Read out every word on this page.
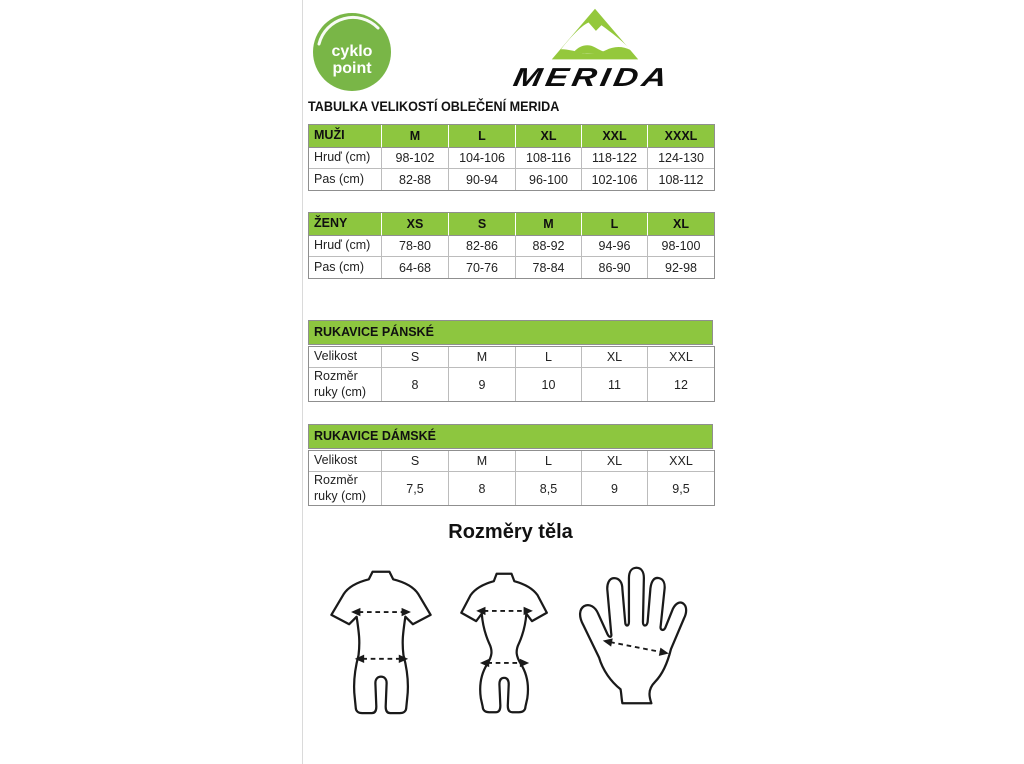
cyklo
point	MERIDA
TABULKA VELIKOSTÍ OBLEČENÍ MERIDA
MUŽI	M	L	XL	XXL	XXXL
Hruď (cm)	98-102	104-106	108-116	118-122	124-130
Pas (cm)	82-88	90-94	96-100	102-106	108-112
ŽENY	XS	S	M	L	XL
Hruď (cm)	78-80	82-86	88-92	94-96	98-100
Pas (cm)	64-68	70-76	78-84	86-90	92-98
RUKAVICE PÁNSKÉ
Velikost	S	M	L	XL	XXL
Rozměr ruky (cm)	8	9	10	11	12
RUKAVICE DÁMSKÉ
Velikost	S	M	L	XL	XXL
Rozměr ruky (cm)	7,5	8	8,5	9	9,5
Rozměry těla
